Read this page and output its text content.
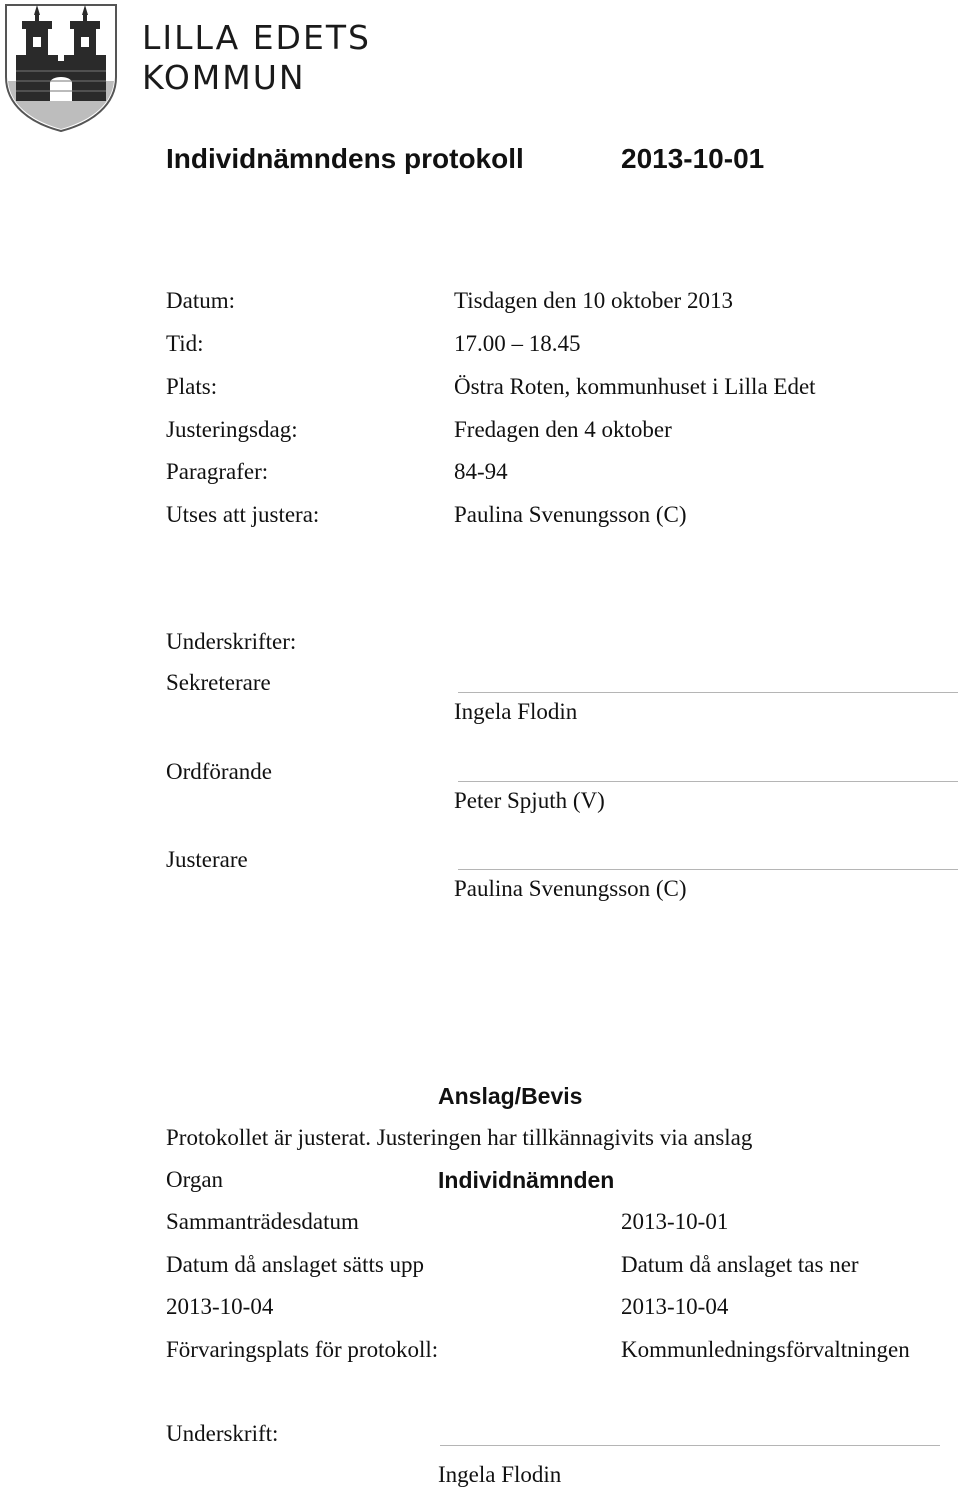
LILLA EDETS
KOMMUN
Individnämndens protokoll	2013-10-01
Datum:	Tisdagen den 10 oktober 2013
Tid:	17.00 – 18.45
Plats:	Östra Roten, kommunhuset i Lilla Edet
Justeringsdag:	Fredagen den 4 oktober
Paragrafer:	84-94
Utses att justera:	Paulina Svenungsson (C)
Underskrifter:
Sekreterare
Ingela Flodin
Ordförande
Peter Spjuth (V)
Justerare
Paulina Svenungsson (C)
Anslag/Bevis
Protokollet är justerat. Justeringen har tillkännagivits via anslag
Organ	Individnämnden
Sammanträdesdatum	2013-10-01
Datum då anslaget sätts upp	Datum då anslaget tas ner
2013-10-04	2013-10-04
Förvaringsplats för protokoll:	Kommunledningsförvaltningen
Underskrift:
Ingela Flodin
